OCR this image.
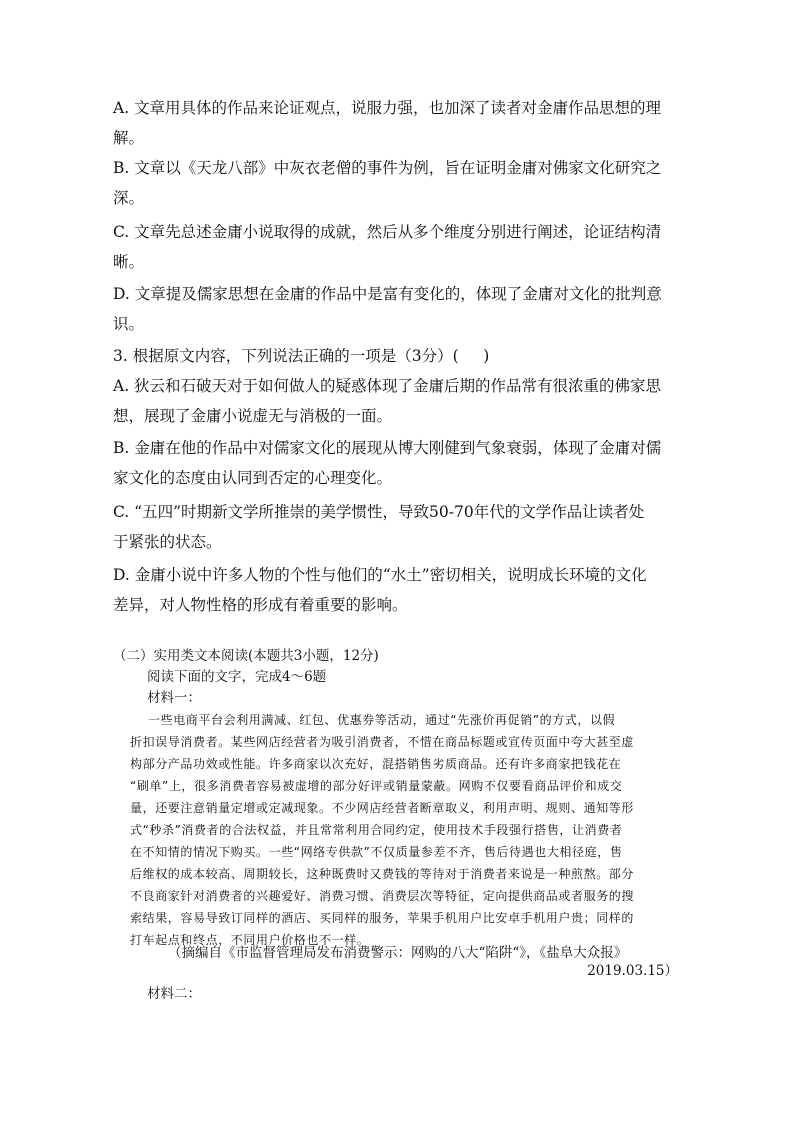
A. 文章用具体的作品来论证观点，说服力强，也加深了读者对金庸作品思想的理
解。
B. 文章以《天龙八部》中灰衣老僧的事件为例，旨在证明金庸对佛家文化研究之
深。
C. 文章先总述金庸小说取得的成就，然后从多个维度分别进行阐述，论证结构清
晰。
D. 文章提及儒家思想在金庸的作品中是富有变化的，体现了金庸对文化的批判意
识。
3. 根据原文内容，下列说法正确的一项是（3分）(     )
A. 狄云和石破天对于如何做人的疑惑体现了金庸后期的作品常有很浓重的佛家思
想，展现了金庸小说虚无与消极的一面。
B. 金庸在他的作品中对儒家文化的展现从博大刚健到气象衰弱，体现了金庸对儒
家文化的态度由认同到否定的心理变化。
C. “五四”时期新文学所推崇的美学惯性，导致50-70年代的文学作品让读者处
于紧张的状态。
D. 金庸小说中许多人物的个性与他们的“水土”密切相关，说明成长环境的文化
差异，对人物性格的形成有着重要的影响。
（二）实用类文本阅读(本题共3小题，12分)
阅读下面的文字，完成4～6题
材料一：
一些电商平台会利用满减、红包、优惠券等活动，通过“先涨价再促销”的方式，以假
折扣误导消费者。某些网店经营者为吸引消费者，不惜在商品标题或宣传页面中夸大甚至虚
构部分产品功效或性能。许多商家以次充好，混搭销售劣质商品。还有许多商家把钱花在
“刷单”上，很多消费者容易被虚增的部分好评或销量蒙蔽。网购不仅要看商品评价和成交
量，还要注意销量定增或定减现象。不少网店经营者断章取义，利用声明、规则、通知等形
式“秒杀”消费者的合法权益，并且常常利用合同约定，使用技术手段强行搭售，让消费者
在不知情的情况下购买。一些“网络专供款”不仅质量参差不齐，售后待遇也大相径庭，售
后维权的成本较高、周期较长，这种既费时又费钱的等待对于消费者来说是一种煎熬。部分
不良商家针对消费者的兴趣爱好、消费习惯、消费层次等特征，定向提供商品或者服务的搜
索结果，容易导致订同样的酒店、买同样的服务，苹果手机用户比安卓手机用户贵；同样的
打车起点和终点，不同用户价格也不一样。
（摘编自《市监督管理局发布消费警示：网购的八大“陷阱“》，《盐阜大众报》
2019.03.15）
材料二：
